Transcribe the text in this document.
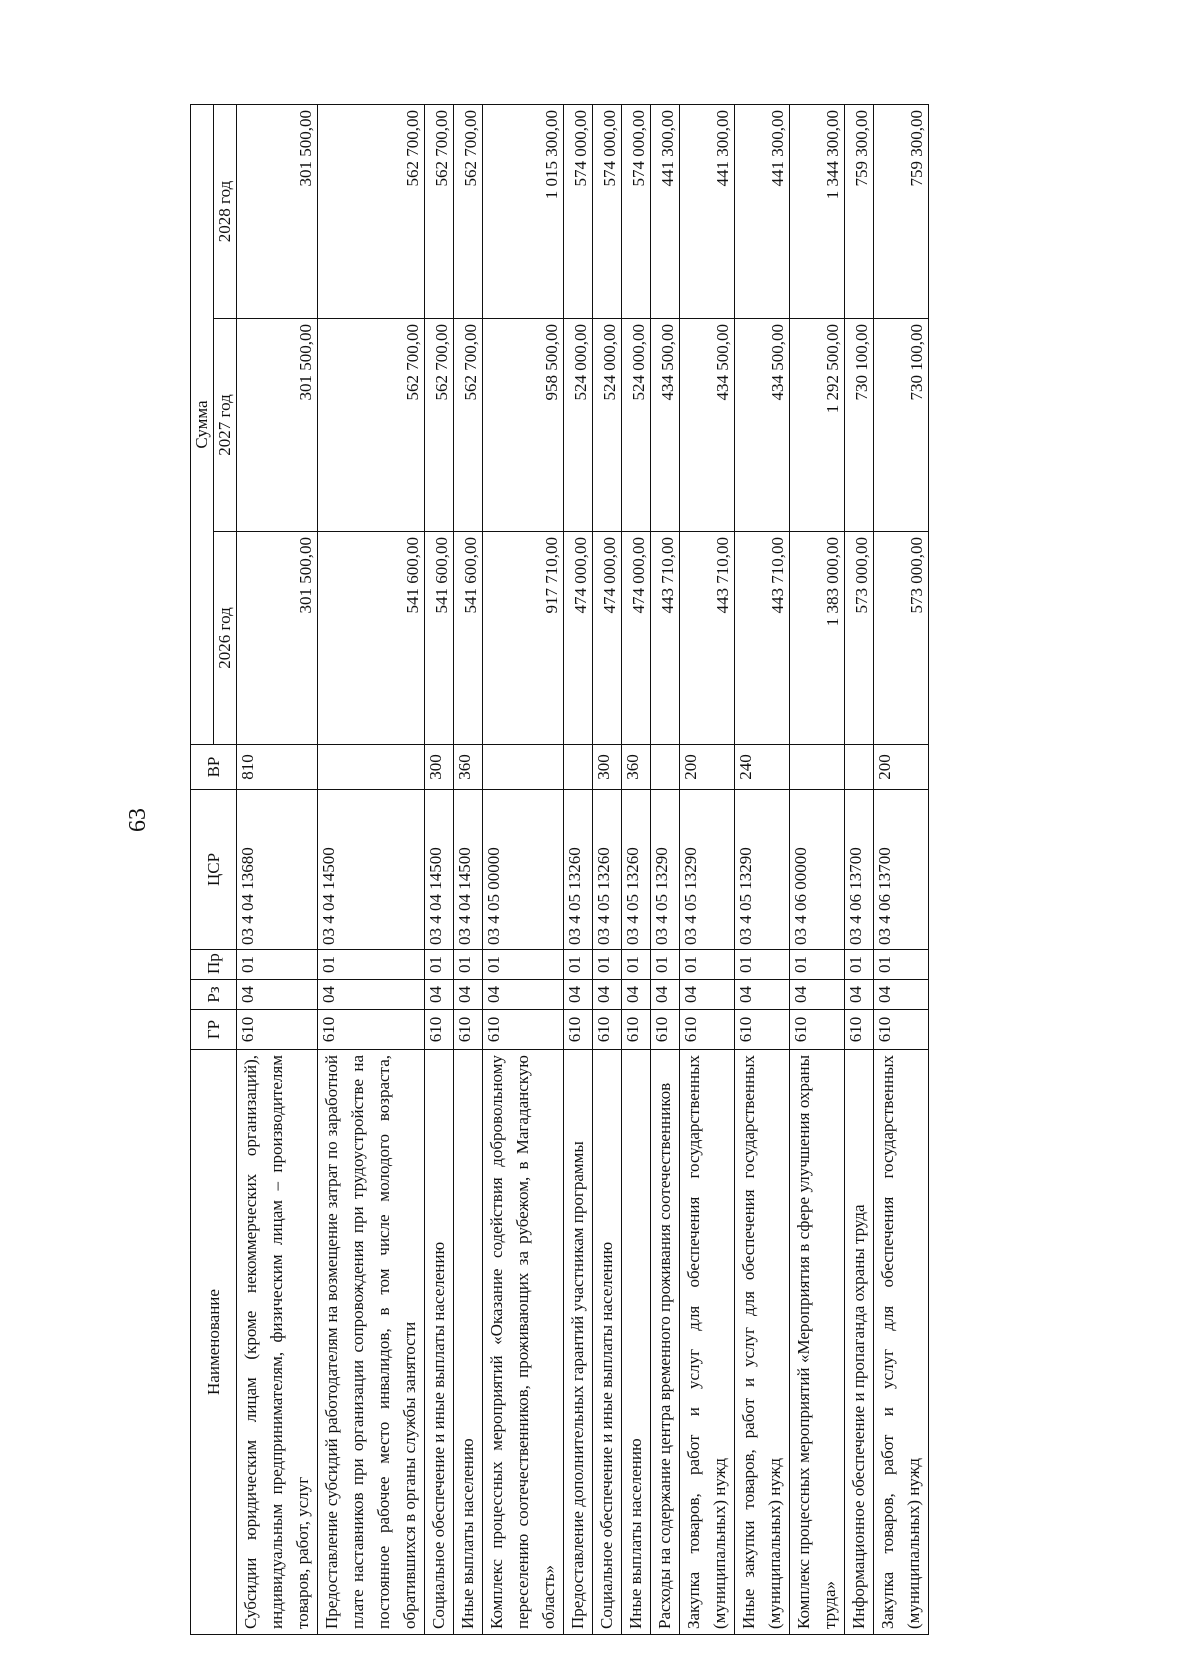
63
Наименование	ГР	Рз	Пр	ЦСР	ВР	Сумма		
						2026 год	2027 год	2028 год
Субсидии юридическим лицам (кроме некоммерческих организаций), индивидуальным предпринимателям, физическим лицам – производителям товаров, работ, услуг	610	04	01	03 4 04 13680	810	301 500,00	301 500,00	301 500,00
Предоставление субсидий работодателям на возмещение затрат по заработной плате наставников при организации сопровождения при трудоустройстве на постоянное рабочее место инвалидов, в том числе молодого возраста, обратившихся в органы службы занятости	610	04	01	03 4 04 14500		541 600,00	562 700,00	562 700,00
Социальное обеспечение и иные выплаты населению	610	04	01	03 4 04 14500	300	541 600,00	562 700,00	562 700,00
Иные выплаты населению	610	04	01	03 4 04 14500	360	541 600,00	562 700,00	562 700,00
Комплекс процессных мероприятий «Оказание содействия добровольному переселению соотечественников, проживающих за рубежом, в Магаданскую область»	610	04	01	03 4 05 00000		917 710,00	958 500,00	1 015 300,00
Предоставление дополнительных гарантий участникам программы	610	04	01	03 4 05 13260		474 000,00	524 000,00	574 000,00
Социальное обеспечение и иные выплаты населению	610	04	01	03 4 05 13260	300	474 000,00	524 000,00	574 000,00
Иные выплаты населению	610	04	01	03 4 05 13260	360	474 000,00	524 000,00	574 000,00
Расходы на содержание центра временного проживания соотечественников	610	04	01	03 4 05 13290		443 710,00	434 500,00	441 300,00
Закупка товаров, работ и услуг для обеспечения государственных (муниципальных) нужд	610	04	01	03 4 05 13290	200	443 710,00	434 500,00	441 300,00
Иные закупки товаров, работ и услуг для обеспечения государственных (муниципальных) нужд	610	04	01	03 4 05 13290	240	443 710,00	434 500,00	441 300,00
Комплекс процессных мероприятий «Мероприятия в сфере улучшения охраны труда»	610	04	01	03 4 06 00000		1 383 000,00	1 292 500,00	1 344 300,00
Информационное обеспечение и пропаганда охраны труда	610	04	01	03 4 06 13700		573 000,00	730 100,00	759 300,00
Закупка товаров, работ и услуг для обеспечения государственных (муниципальных) нужд	610	04	01	03 4 06 13700	200	573 000,00	730 100,00	759 300,00
